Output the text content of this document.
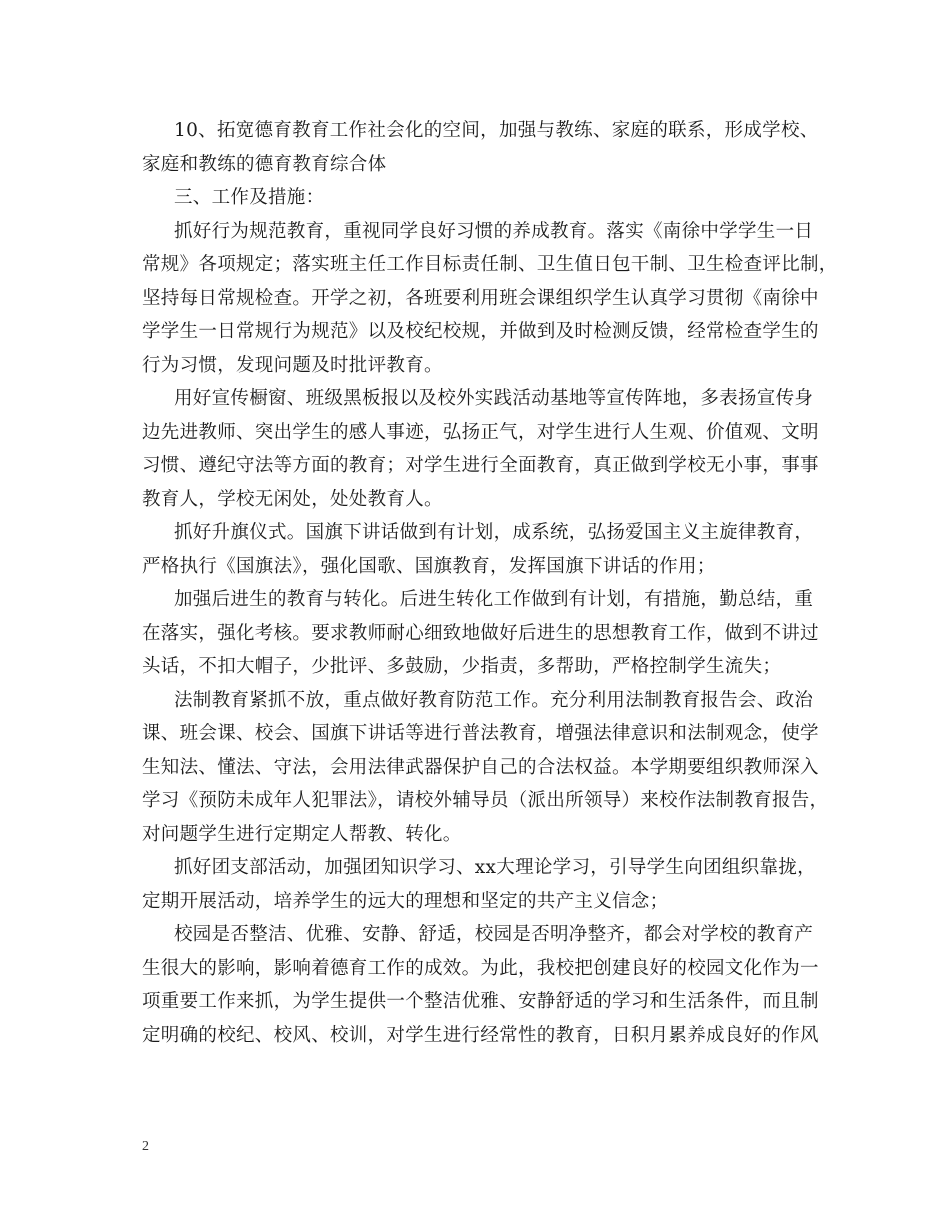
10、拓宽德育教育工作社会化的空间，加强与教练、家庭的联系，形成学校、
家庭和教练的德育教育综合体
三、工作及措施：
抓好行为规范教育，重视同学良好习惯的养成教育。落实《南徐中学学生一日
常规》各项规定；落实班主任工作目标责任制、卫生值日包干制、卫生检查评比制，
坚持每日常规检查。开学之初，各班要利用班会课组织学生认真学习贯彻《南徐中
学学生一日常规行为规范》以及校纪校规，并做到及时检测反馈，经常检查学生的
行为习惯，发现问题及时批评教育。
用好宣传橱窗、班级黑板报以及校外实践活动基地等宣传阵地，多表扬宣传身
边先进教师、突出学生的感人事迹，弘扬正气，对学生进行人生观、价值观、文明
习惯、遵纪守法等方面的教育；对学生进行全面教育，真正做到学校无小事，事事
教育人，学校无闲处，处处教育人。
抓好升旗仪式。国旗下讲话做到有计划，成系统，弘扬爱国主义主旋律教育，
严格执行《国旗法》，强化国歌、国旗教育，发挥国旗下讲话的作用；
加强后进生的教育与转化。后进生转化工作做到有计划，有措施，勤总结，重
在落实，强化考核。要求教师耐心细致地做好后进生的思想教育工作，做到不讲过
头话，不扣大帽子，少批评、多鼓励，少指责，多帮助，严格控制学生流失；
法制教育紧抓不放，重点做好教育防范工作。充分利用法制教育报告会、政治
课、班会课、校会、国旗下讲话等进行普法教育，增强法律意识和法制观念，使学
生知法、懂法、守法，会用法律武器保护自己的合法权益。本学期要组织教师深入
学习《预防未成年人犯罪法》，请校外辅导员（派出所领导）来校作法制教育报告，
对问题学生进行定期定人帮教、转化。
抓好团支部活动，加强团知识学习、xx大理论学习，引导学生向团组织靠拢，
定期开展活动，培养学生的远大的理想和坚定的共产主义信念；
校园是否整洁、优雅、安静、舒适，校园是否明净整齐，都会对学校的教育产
生很大的影响，影响着德育工作的成效。为此，我校把创建良好的校园文化作为一
项重要工作来抓，为学生提供一个整洁优雅、安静舒适的学习和生活条件，而且制
定明确的校纪、校风、校训，对学生进行经常性的教育，日积月累养成良好的作风
2
